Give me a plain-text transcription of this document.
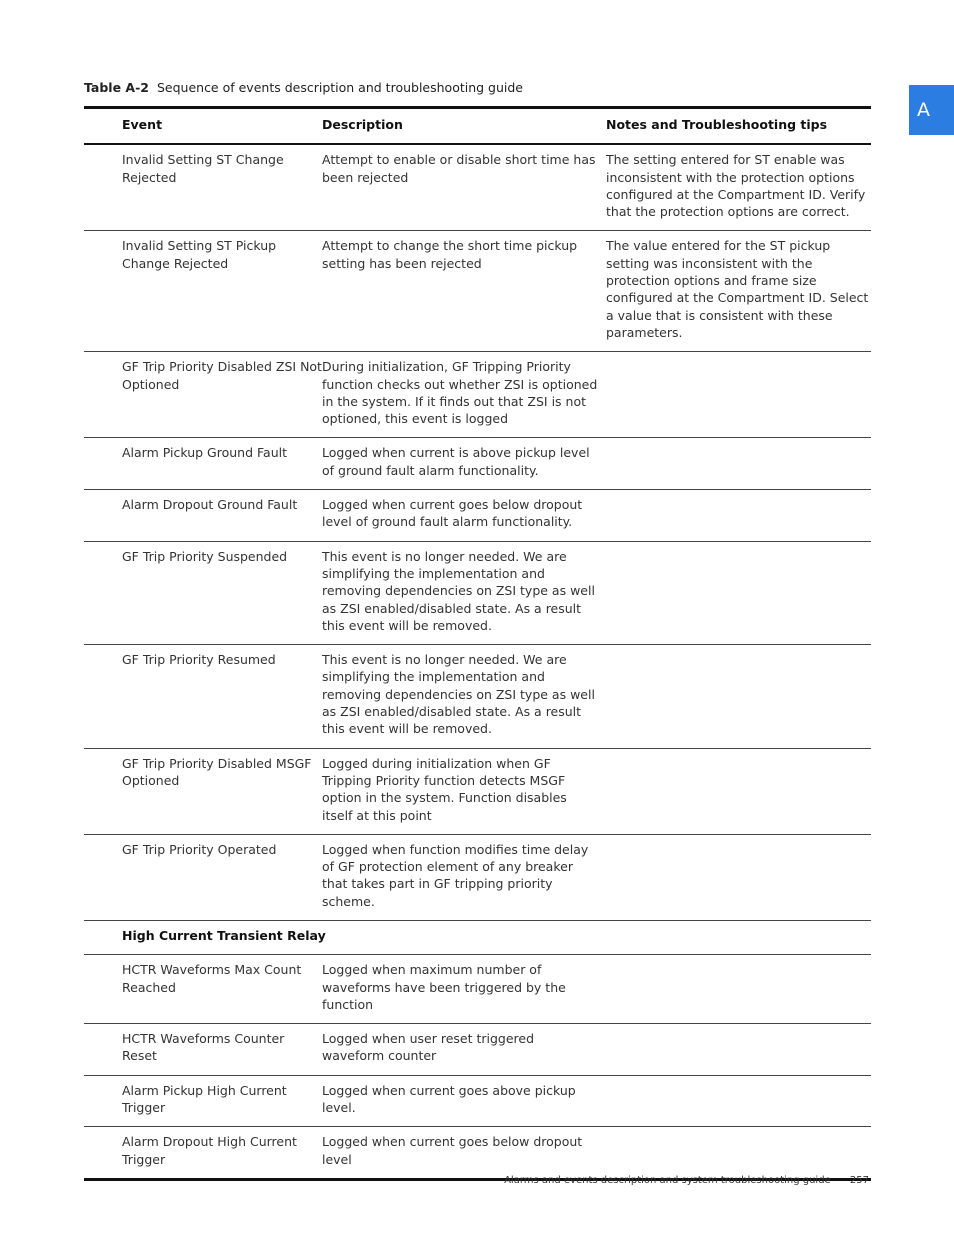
Table A-2 Sequence of events description and troubleshooting guide
A
	Event	Description	Notes and Troubleshooting tips
	Invalid Setting ST Change Rejected	Attempt to enable or disable short time has been rejected	The setting entered for ST enable was inconsistent with the protection options configured at the Compartment ID. Verify that the protection options are correct.
	Invalid Setting ST Pickup Change Rejected	Attempt to change the short time pickup setting has been rejected	The value entered for the ST pickup setting was inconsistent with the protection options and frame size configured at the Compartment ID. Select a value that is consistent with these parameters.
	GF Trip Priority Disabled ZSI Not Optioned	During initialization, GF Tripping Priority function checks out whether ZSI is optioned in the system. If it finds out that ZSI is not optioned, this event is logged	
	Alarm Pickup Ground Fault	Logged when current is above pickup level of ground fault alarm functionality.	
	Alarm Dropout Ground Fault	Logged when current goes below dropout level of ground fault alarm functionality.	
	GF Trip Priority Suspended	This event is no longer needed. We are simplifying the implementation and removing dependencies on ZSI type as well as ZSI enabled/disabled state. As a result this event will be removed.	
	GF Trip Priority Resumed	This event is no longer needed. We are simplifying the implementation and removing dependencies on ZSI type as well as ZSI enabled/disabled state. As a result this event will be removed.	
	GF Trip Priority Disabled MSGF Optioned	Logged during initialization when GF Tripping Priority function detects MSGF option in the system. Function disables itself at this point	
	GF Trip Priority Operated	Logged when function modifies time delay of GF protection element of any breaker that takes part in GF tripping priority scheme.	
	High Current Transient Relay		
	HCTR Waveforms Max Count Reached	Logged when maximum number of waveforms have been triggered by the function	
	HCTR Waveforms Counter Reset	Logged when user reset triggered waveform counter	
	Alarm Pickup High Current Trigger	Logged when current goes above pickup level.	
	Alarm Dropout High Current Trigger	Logged when current goes below dropout level	
Alarms and events description and system troubleshooting guide 257
